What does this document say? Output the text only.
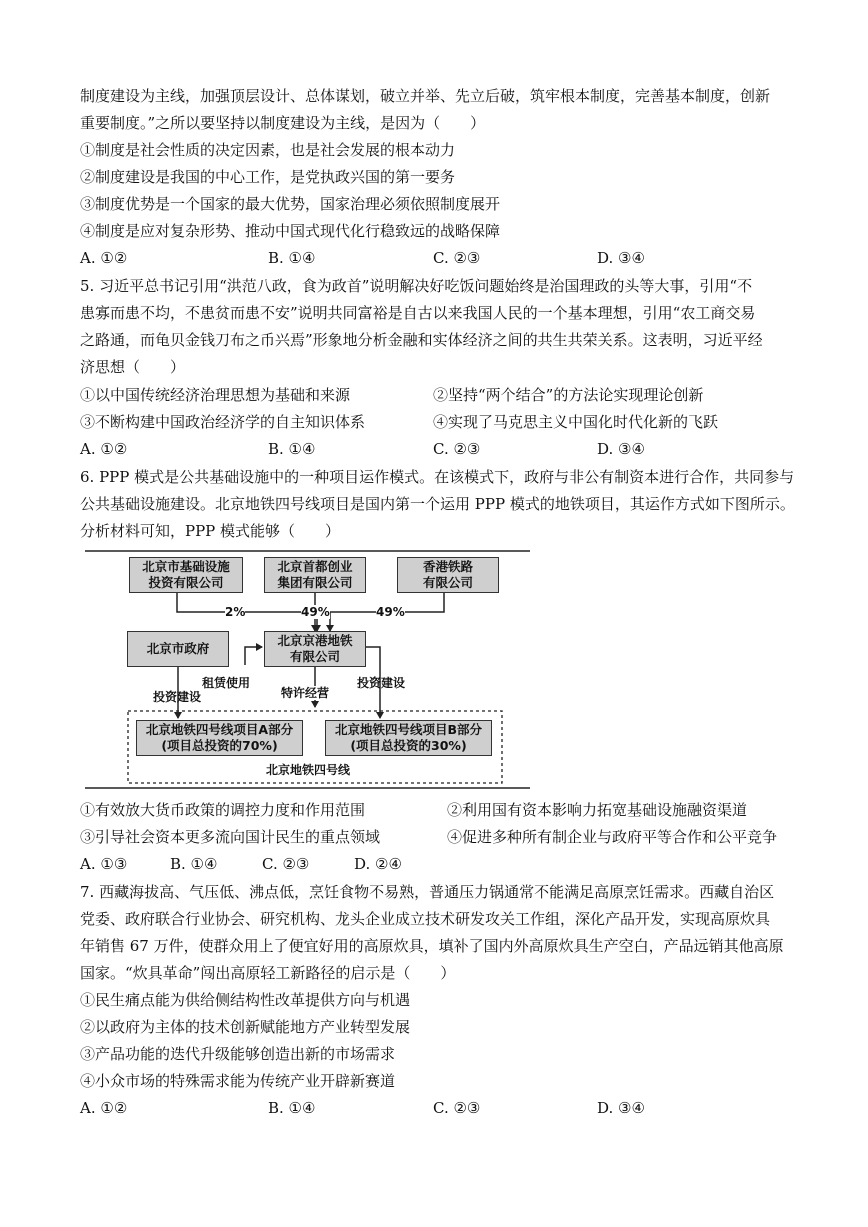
制度建设为主线，加强顶层设计、总体谋划，破立并举、先立后破，筑牢根本制度，完善基本制度，创新
重要制度。”之所以要坚持以制度建设为主线，是因为（　　）
①制度是社会性质的决定因素，也是社会发展的根本动力
②制度建设是我国的中心工作，是党执政兴国的第一要务
③制度优势是一个国家的最大优势，国家治理必须依照制度展开
④制度是应对复杂形势、推动中国式现代化行稳致远的战略保障
A. ①②	B. ①④	C. ②③	D. ③④
5. 习近平总书记引用“洪范八政，食为政首”说明解决好吃饭问题始终是治国理政的头等大事，引用“不
患寡而患不均，不患贫而患不安”说明共同富裕是自古以来我国人民的一个基本理想，引用“农工商交易
之路通，而龟贝金钱刀布之币兴焉”形象地分析金融和实体经济之间的共生共荣关系。这表明，习近平经
济思想（　　）
①以中国传统经济治理思想为基础和来源	②坚持“两个结合”的方法论实现理论创新
③不断构建中国政治经济学的自主知识体系	④实现了马克思主义中国化时代化新的飞跃
A. ①②	B. ①④	C. ②③	D. ③④
6. PPP 模式是公共基础设施中的一种项目运作模式。在该模式下，政府与非公有制资本进行合作，共同参与
公共基础设施建设。北京地铁四号线项目是国内第一个运用 PPP 模式的地铁项目，其运作方式如下图所示。
分析材料可知，PPP 模式能够（　　）
北京市基础设施
投资有限公司
北京首都创业
集团有限公司
香港铁路
有限公司
2%	49%	49%
北京市政府
北京京港地铁
有限公司
租赁使用
特许经营
投资建设
投资建设
北京地铁四号线项目A部分
(项目总投资的70%)
北京地铁四号线项目B部分
(项目总投资的30%)
北京地铁四号线
①有效放大货币政策的调控力度和作用范围	②利用国有资本影响力拓宽基础设施融资渠道
③引导社会资本更多流向国计民生的重点领域	④促进多种所有制企业与政府平等合作和公平竞争
A. ①③	B. ①④	C. ②③	D. ②④
7. 西藏海拔高、气压低、沸点低，烹饪食物不易熟，普通压力锅通常不能满足高原烹饪需求。西藏自治区
党委、政府联合行业协会、研究机构、龙头企业成立技术研发攻关工作组，深化产品开发，实现高原炊具
年销售 67 万件，使群众用上了便宜好用的高原炊具，填补了国内外高原炊具生产空白，产品远销其他高原
国家。“炊具革命”闯出高原轻工新路径的启示是（　　）
①民生痛点能为供给侧结构性改革提供方向与机遇
②以政府为主体的技术创新赋能地方产业转型发展
③产品功能的迭代升级能够创造出新的市场需求
④小众市场的特殊需求能为传统产业开辟新赛道
A. ①②	B. ①④	C. ②③	D. ③④
